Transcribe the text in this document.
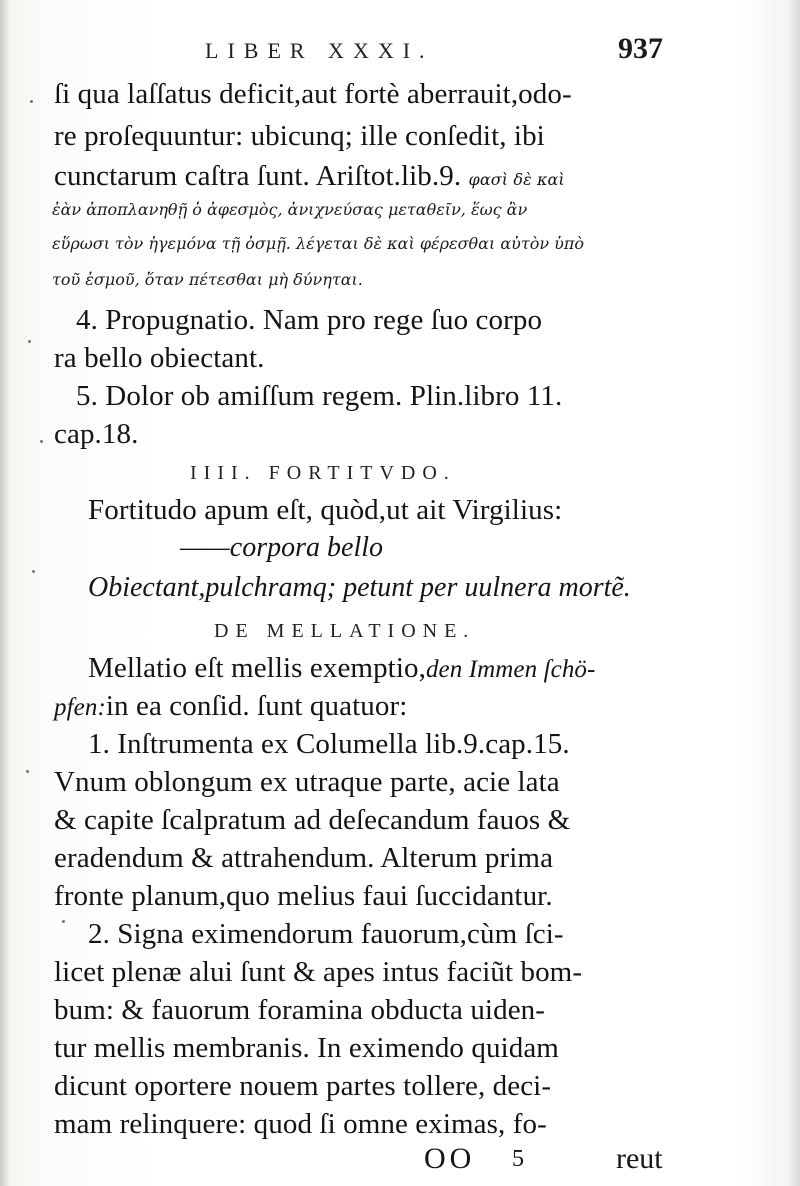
LIBER XXXI.	937
ſi qua laſſatus deficit,aut fortè aberrauit,odo-
re proſequuntur: ubicunq; ille conſedit, ibi
cunctarum caſtra ſunt. Ariſtot.lib.9. φασὶ δὲ καὶ
ἐὰν ἀποπλανηθῇ ὁ ἀφεσμὸς, ἀνιχνεύσας μεταθεῖν, ἕως ἂν
εὕρωσι τὸν ἡγεμόνα τῇ ὀσμῇ. λέγεται δὲ καὶ φέρεσθαι αὐτὸν ὑπὸ
τοῦ ἑσμοῦ, ὅταν πέτεσθαι μὴ δύνηται.
4. Propugnatio. Nam pro rege ſuo corpo
ra bello obiectant.
5. Dolor ob amiſſum regem. Plin.libro 11.
cap.18.
IIII. FORTITVDO.
Fortitudo apum eſt, quòd,ut ait Virgilius:
——corpora bello
Obiectant,pulchramq; petunt per uulnera mortẽ.
DE MELLATIONE.
Mellatio eſt mellis exemptio,den Immen ſchö-
pfen:in ea conſid. ſunt quatuor:
1. Inſtrumenta ex Columella lib.9.cap.15.
Vnum oblongum ex utraque parte, acie lata
& capite ſcalpratum ad deſecandum fauos &
eradendum & attrahendum. Alterum prima
fronte planum,quo melius faui ſuccidantur.
2. Signa eximendorum fauorum,cùm ſci-
licet plenæ alui ſunt & apes intus faciũt bom-
bum: & fauorum foramina obducta uiden-
tur mellis membranis. In eximendo quidam
dicunt oportere nouem partes tollere, deci-
mam relinquere: quod ſi omne eximas, fo-
OO 5	reut
